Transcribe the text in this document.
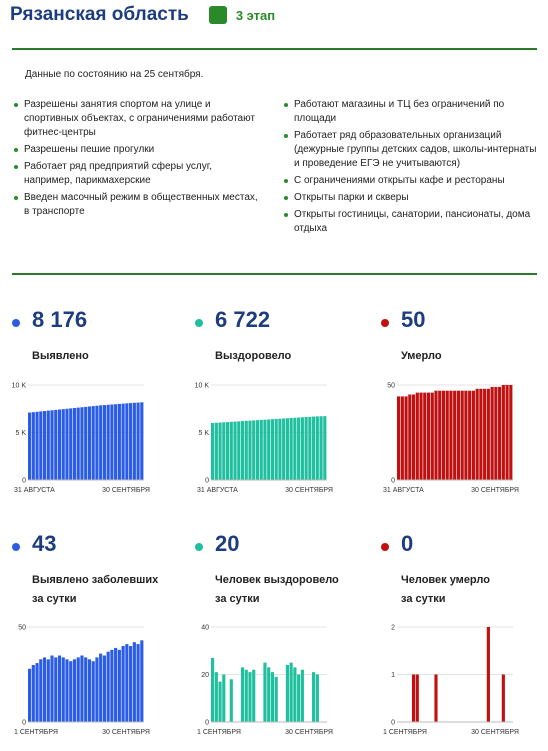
Рязанская область	3 этап
Данные по состоянию на 25 сентября.
Разрешены занятия спортом на улице и спортивных объектах, с ограничениями работают фитнес-центры
Разрешены пешие прогулки
Работает ряд предприятий сферы услуг, например, парикмахерские
Введен масочный режим в общественных местах, в транспорте
Работают магазины и ТЦ без ограничений по площади
Работает ряд образовательных организаций (дежурные группы детских садов, школы-интернаты и проведение ЕГЭ не учитываются)
С ограничениями открыты кафе и рестораны
Открыты парки и скверы
Открыты гостиницы, санатории, пансионаты, дома отдыха
8 176
Выявлено
0
5 K
10 K
31 АВГУСТА	30 СЕНТЯБРЯ
6 722
Выздоровело
0
5 K
10 K
31 АВГУСТА	30 СЕНТЯБРЯ
50
Умерло
0
50
31 АВГУСТА	30 СЕНТЯБРЯ
43
Выявлено заболевших
за сутки
0
50
1 СЕНТЯБРЯ	30 СЕНТЯБРЯ
20
Человек выздоровело
за сутки
0
20
40
1 СЕНТЯБРЯ	30 СЕНТЯБРЯ
0
Человек умерло
за сутки
0
1
2
1 СЕНТЯБРЯ	30 СЕНТЯБРЯ
